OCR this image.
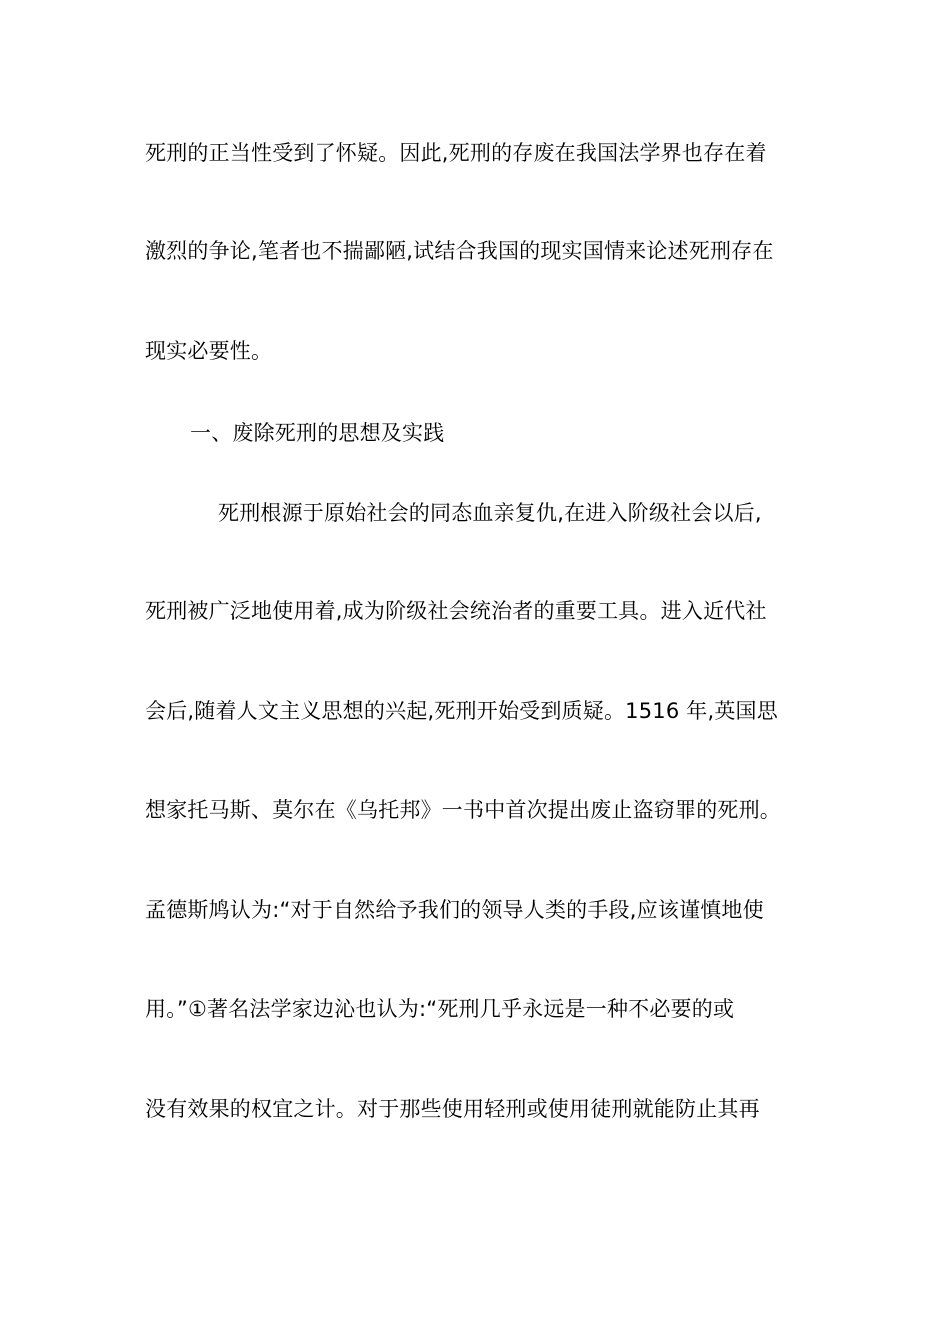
死刑的正当性受到了怀疑。因此,死刑的存废在我国法学界也存在着
激烈的争论,笔者也不揣鄙陋,试结合我国的现实国情来论述死刑存在
现实必要性。
一、废除死刑的思想及实践
死刑根源于原始社会的同态血亲复仇,在进入阶级社会以后,
死刑被广泛地使用着,成为阶级社会统治者的重要工具。进入近代社
会后,随着人文主义思想的兴起,死刑开始受到质疑。1516 年,英国思
想家托马斯、莫尔在《乌托邦》一书中首次提出废止盗窃罪的死刑。
孟德斯鸠认为:“对于自然给予我们的领导人类的手段,应该谨慎地使
用。”①著名法学家边沁也认为:“死刑几乎永远是一种不必要的或
没有效果的权宜之计。对于那些使用轻刑或使用徒刑就能防止其再
